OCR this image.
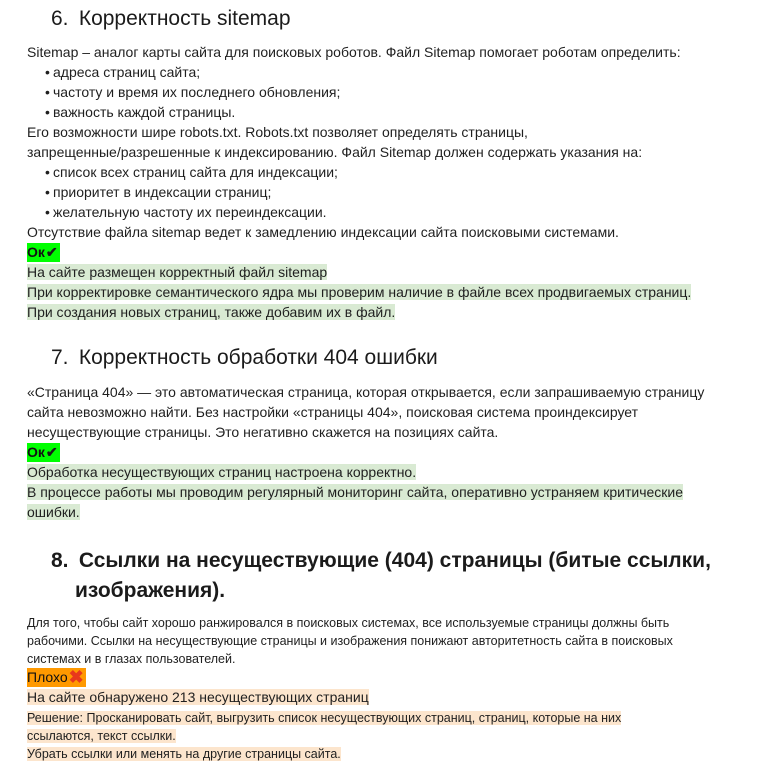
6. Корректность sitemap
Sitemap – аналог карты сайта для поисковых роботов. Файл Sitemap помогает роботам определить:
• адреса страниц сайта;
• частоту и время их последнего обновления;
• важность каждой страницы.
Его возможности шире robots.txt. Robots.txt позволяет определять страницы,
запрещенные/разрешенные к индексированию. Файл Sitemap должен содержать указания на:
• список всех страниц сайта для индексации;
• приоритет в индексации страниц;
• желательную частоту их переиндексации.
Отсутствие файла sitemap ведет к замедлению индексации сайта поисковыми системами.
Ок✔
На сайте размещен корректный файл sitemap
При корректировке семантического ядра мы проверим наличие в файле всех продвигаемых страниц.
При создания новых страниц, также добавим их в файл.
7. Корректность обработки 404 ошибки
«Страница 404» — это автоматическая страница, которая открывается, если запрашиваемую страницу
сайта невозможно найти. Без настройки «страницы 404», поисковая система проиндексирует
несуществующие страницы. Это негативно скажется на позициях сайта.
Ок✔
Обработка несуществующих страниц настроена корректно.
В процессе работы мы проводим регулярный мониторинг сайта, оперативно устраняем критические
ошибки.
8. Ссылки на несуществующие (404) страницы (битые ссылки,
изображения).
Для того, чтобы сайт хорошо ранжировался в поисковых системах, все используемые страницы должны быть
рабочими. Ссылки на несуществующие страницы и изображения понижают авторитетность сайта в поисковых
системах и в глазах пользователей.
Плохо✖
На сайте обнаружено 213 несуществующих страниц
Решение: Просканировать сайт, выгрузить список несуществующих страниц, страниц, которые на них
ссылаются, текст ссылки.
Убрать ссылки или менять на другие страницы сайта.
